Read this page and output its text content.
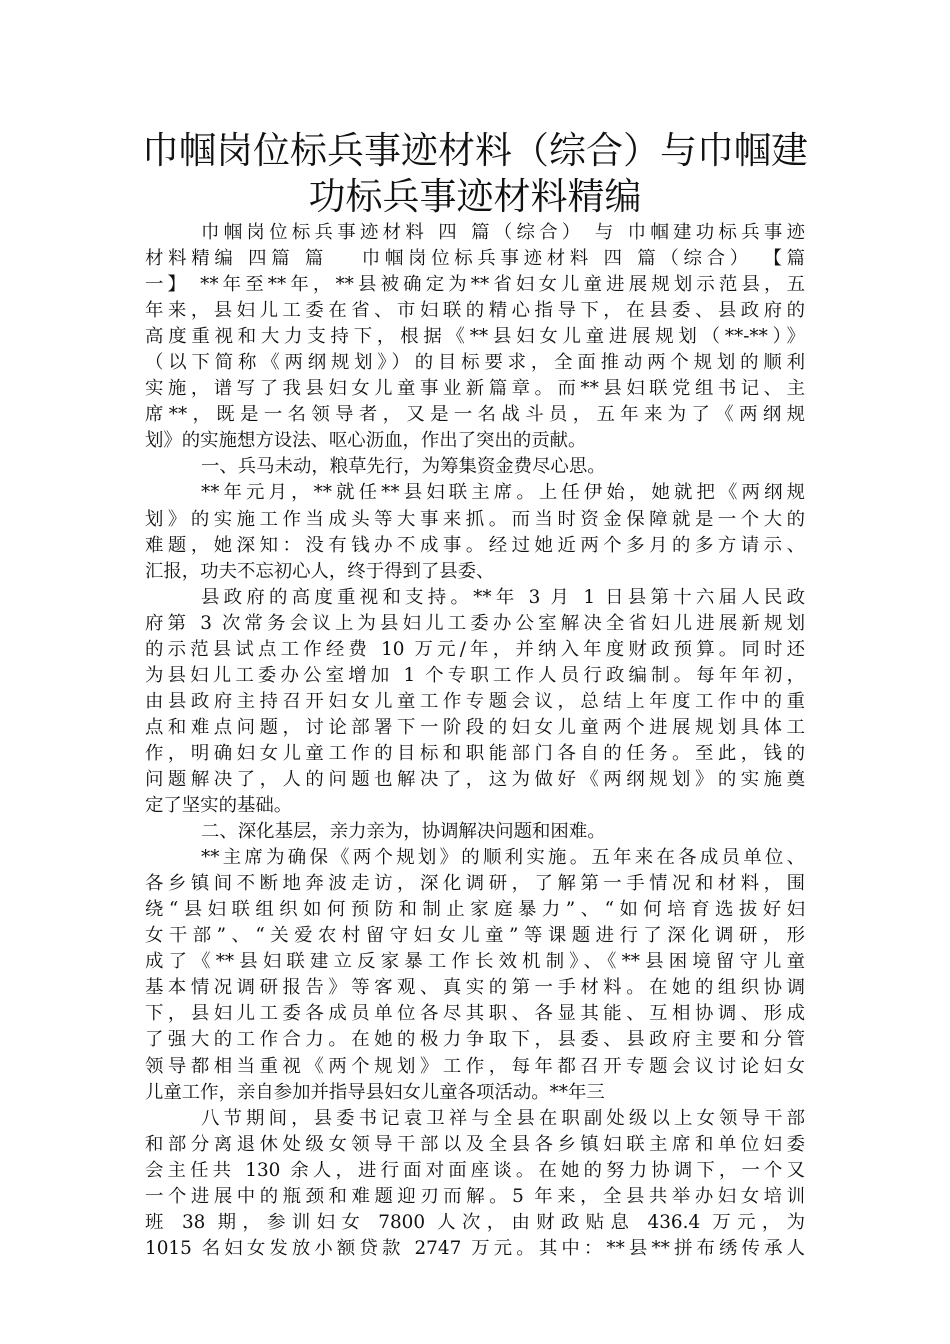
巾帼岗位标兵事迹材料（综合）与巾帼建
功标兵事迹材料精编
巾帼岗位标兵事迹材料 四 篇（综合） 与 巾帼建功标兵事迹
材料精编 四篇 篇　 巾帼岗位标兵事迹材料 四 篇（综合） 【篇
一】 **年至**年，**县被确定为**省妇女儿童进展规划示范县，五
年来，县妇儿工委在省、市妇联的精心指导下，在县委、县政府的
高度重视和大力支持下，根据《**县妇女儿童进展规划（**-**）》
（以下简称《两纲规划》）的目标要求，全面推动两个规划的顺利
实施，谱写了我县妇女儿童事业新篇章。而**县妇联党组书记、主
席**，既是一名领导者，又是一名战斗员，五年来为了《两纲规
划》的实施想方设法、呕心沥血，作出了突出的贡献。
一、兵马未动，粮草先行，为筹集资金费尽心思。
**年元月，**就任**县妇联主席。上任伊始，她就把《两纲规
划》的实施工作当成头等大事来抓。而当时资金保障就是一个大的
难题，她深知：没有钱办不成事。经过她近两个多月的多方请示、
汇报，功夫不忘初心人，终于得到了县委、
县政府的高度重视和支持。**年 3 月 1 日县第十六届人民政
府第 3 次常务会议上为县妇儿工委办公室解决全省妇儿进展新规划
的示范县试点工作经费 10 万元/年，并纳入年度财政预算。同时还
为县妇儿工委办公室增加 1 个专职工作人员行政编制。每年年初，
由县政府主持召开妇女儿童工作专题会议，总结上年度工作中的重
点和难点问题，讨论部署下一阶段的妇女儿童两个进展规划具体工
作，明确妇女儿童工作的目标和职能部门各自的任务。至此，钱的
问题解决了，人的问题也解决了，这为做好《两纲规划》的实施奠
定了坚实的基础。
二、深化基层，亲力亲为，协调解决问题和困难。
**主席为确保《两个规划》的顺利实施。五年来在各成员单位、
各乡镇间不断地奔波走访，深化调研，了解第一手情况和材料，围
绕“县妇联组织如何预防和制止家庭暴力”、“如何培育选拔好妇
女干部”、“关爱农村留守妇女儿童”等课题进行了深化调研，形
成了《**县妇联建立反家暴工作长效机制》、《**县困境留守儿童
基本情况调研报告》等客观、真实的第一手材料。在她的组织协调
下，县妇儿工委各成员单位各尽其职、各显其能、互相协调、形成
了强大的工作合力。在她的极力争取下，县委、县政府主要和分管
领导都相当重视《两个规划》工作，每年都召开专题会议讨论妇女
儿童工作，亲自参加并指导县妇女儿童各项活动。**年三
八节期间，县委书记袁卫祥与全县在职副处级以上女领导干部
和部分离退休处级女领导干部以及全县各乡镇妇联主席和单位妇委
会主任共 130 余人，进行面对面座谈。在她的努力协调下，一个又
一个进展中的瓶颈和难题迎刃而解。5 年来，全县共举办妇女培训
班 38 期，参训妇女 7800 人次，由财政贴息 436.4 万元，为
1015 名妇女发放小额贷款 2747 万元。其中：**县**拼布绣传承人
